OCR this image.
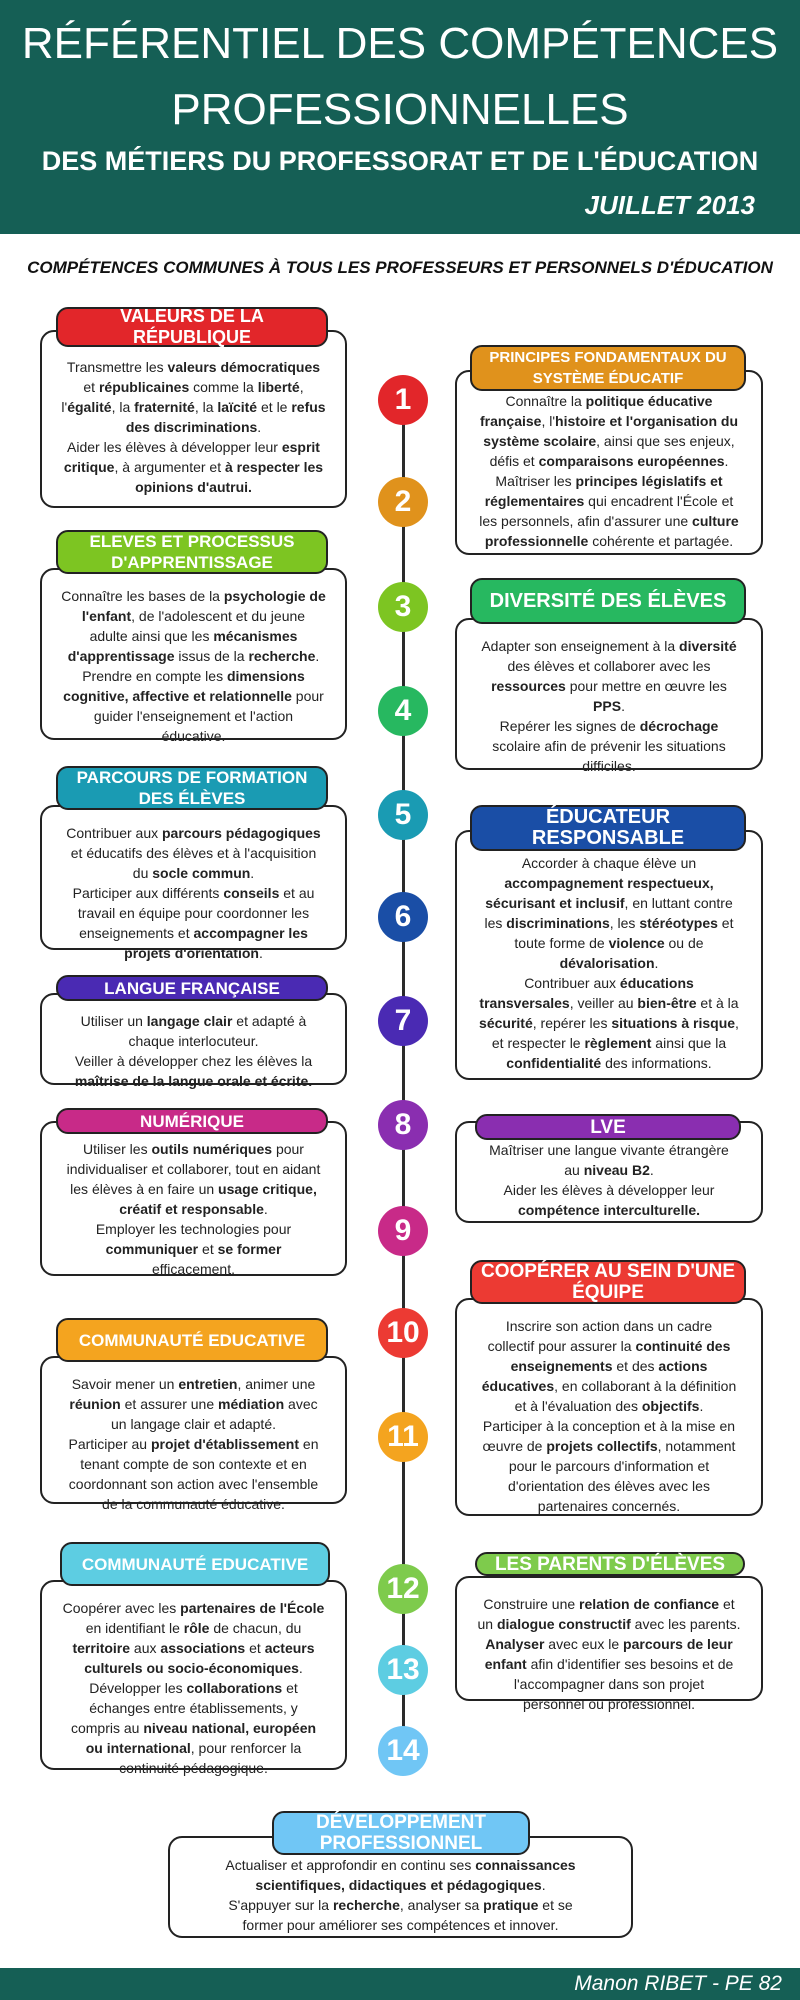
RÉFÉRENTIEL DES COMPÉTENCES
PROFESSIONNELLES
DES MÉTIERS DU PROFESSORAT ET DE L'ÉDUCATION
JUILLET 2013
COMPÉTENCES COMMUNES À TOUS LES PROFESSEURS ET PERSONNELS D'ÉDUCATION
1
2
3
4
5
6
7
8
9
10
11
12
13
14

Transmettre les valeurs démocratiques

et républicaines comme la liberté,

l'égalité, la fraternité, la laïcité et le refus

des discriminations.

Aider les élèves à développer leur esprit

critique, à argumenter et à respecter les

opinions d'autrui.

VALEURS DE LA RÉPUBLIQUE

Connaître les bases de la psychologie de

l'enfant, de l'adolescent et du jeune

adulte ainsi que les mécanismes

d'apprentissage issus de la recherche.

Prendre en compte les dimensions

cognitive, affective et relationnelle pour

guider l'enseignement et l'action

éducative.

ELEVES ET PROCESSUS D'APPRENTISSAGE

Contribuer aux parcours pédagogiques

et éducatifs des élèves et à l'acquisition

du socle commun.

Participer aux différents conseils et au

travail en équipe pour coordonner les

enseignements et accompagner les

projets d'orientation.

PARCOURS DE FORMATION DES ÉLÈVES

Utiliser un langage clair et adapté à

chaque interlocuteur.

Veiller à développer chez les élèves la

maîtrise de la langue orale et écrite.

LANGUE FRANÇAISE

Utiliser les outils numériques pour

individualiser et collaborer, tout en aidant

les élèves à en faire un usage critique,

créatif et responsable.

Employer les technologies pour

communiquer et se former

efficacement.

NUMÉRIQUE

Savoir mener un entretien, animer une

réunion et assurer une médiation avec

un langage clair et adapté.

Participer au projet d'établissement en

tenant compte de son contexte et en

coordonnant son action avec l'ensemble

de la communauté éducative.

COMMUNAUTÉ EDUCATIVE

Coopérer avec les partenaires de l'École

en identifiant le rôle de chacun, du

territoire aux associations et acteurs

culturels ou socio-économiques.

Développer les collaborations et

échanges entre établissements, y

compris au niveau national, européen

ou international, pour renforcer la

continuité pédagogique.

COMMUNAUTÉ EDUCATIVE

Connaître la politique éducative

française, l'histoire et l'organisation du

système scolaire, ainsi que ses enjeux,

défis et comparaisons européennes.

Maîtriser les principes législatifs et

réglementaires qui encadrent l'École et

les personnels, afin d'assurer une culture

professionnelle cohérente et partagée.

PRINCIPES FONDAMENTAUX DU SYSTÈME ÉDUCATIF

Adapter son enseignement à la diversité

des élèves et collaborer avec les

ressources pour mettre en œuvre les

PPS.

Repérer les signes de décrochage

scolaire afin de prévenir les situations

difficiles.

DIVERSITÉ DES ÉLÈVES

Accorder à chaque élève un

accompagnement respectueux,

sécurisant et inclusif, en luttant contre

les discriminations, les stéréotypes et

toute forme de violence ou de

dévalorisation.

Contribuer aux éducations

transversales, veiller au bien-être et à la

sécurité, repérer les situations à risque,

et respecter le règlement ainsi que la

confidentialité des informations.

ÉDUCATEUR RESPONSABLE

Maîtriser une langue vivante étrangère

au niveau B2.

Aider les élèves à développer leur

compétence interculturelle.

LVE

Inscrire son action dans un cadre

collectif pour assurer la continuité des

enseignements et des actions

éducatives, en collaborant à la définition

et à l'évaluation des objectifs.

Participer à la conception et à la mise en

œuvre de projets collectifs, notamment

pour le parcours d'information et

d'orientation des élèves avec les

partenaires concernés.

COOPÉRER AU SEIN D'UNE ÉQUIPE

Construire une relation de confiance et

un dialogue constructif avec les parents.

Analyser avec eux le parcours de leur

enfant afin d'identifier ses besoins et de

l'accompagner dans son projet

personnel ou professionnel.

LES PARENTS D'ÉLÈVES

Actualiser et approfondir en continu ses connaissances

scientifiques, didactiques et pédagogiques.

S'appuyer sur la recherche, analyser sa pratique et se

former pour améliorer ses compétences et innover.

DÉVELOPPEMENT PROFESSIONNEL
Manon RIBET - PE 82
